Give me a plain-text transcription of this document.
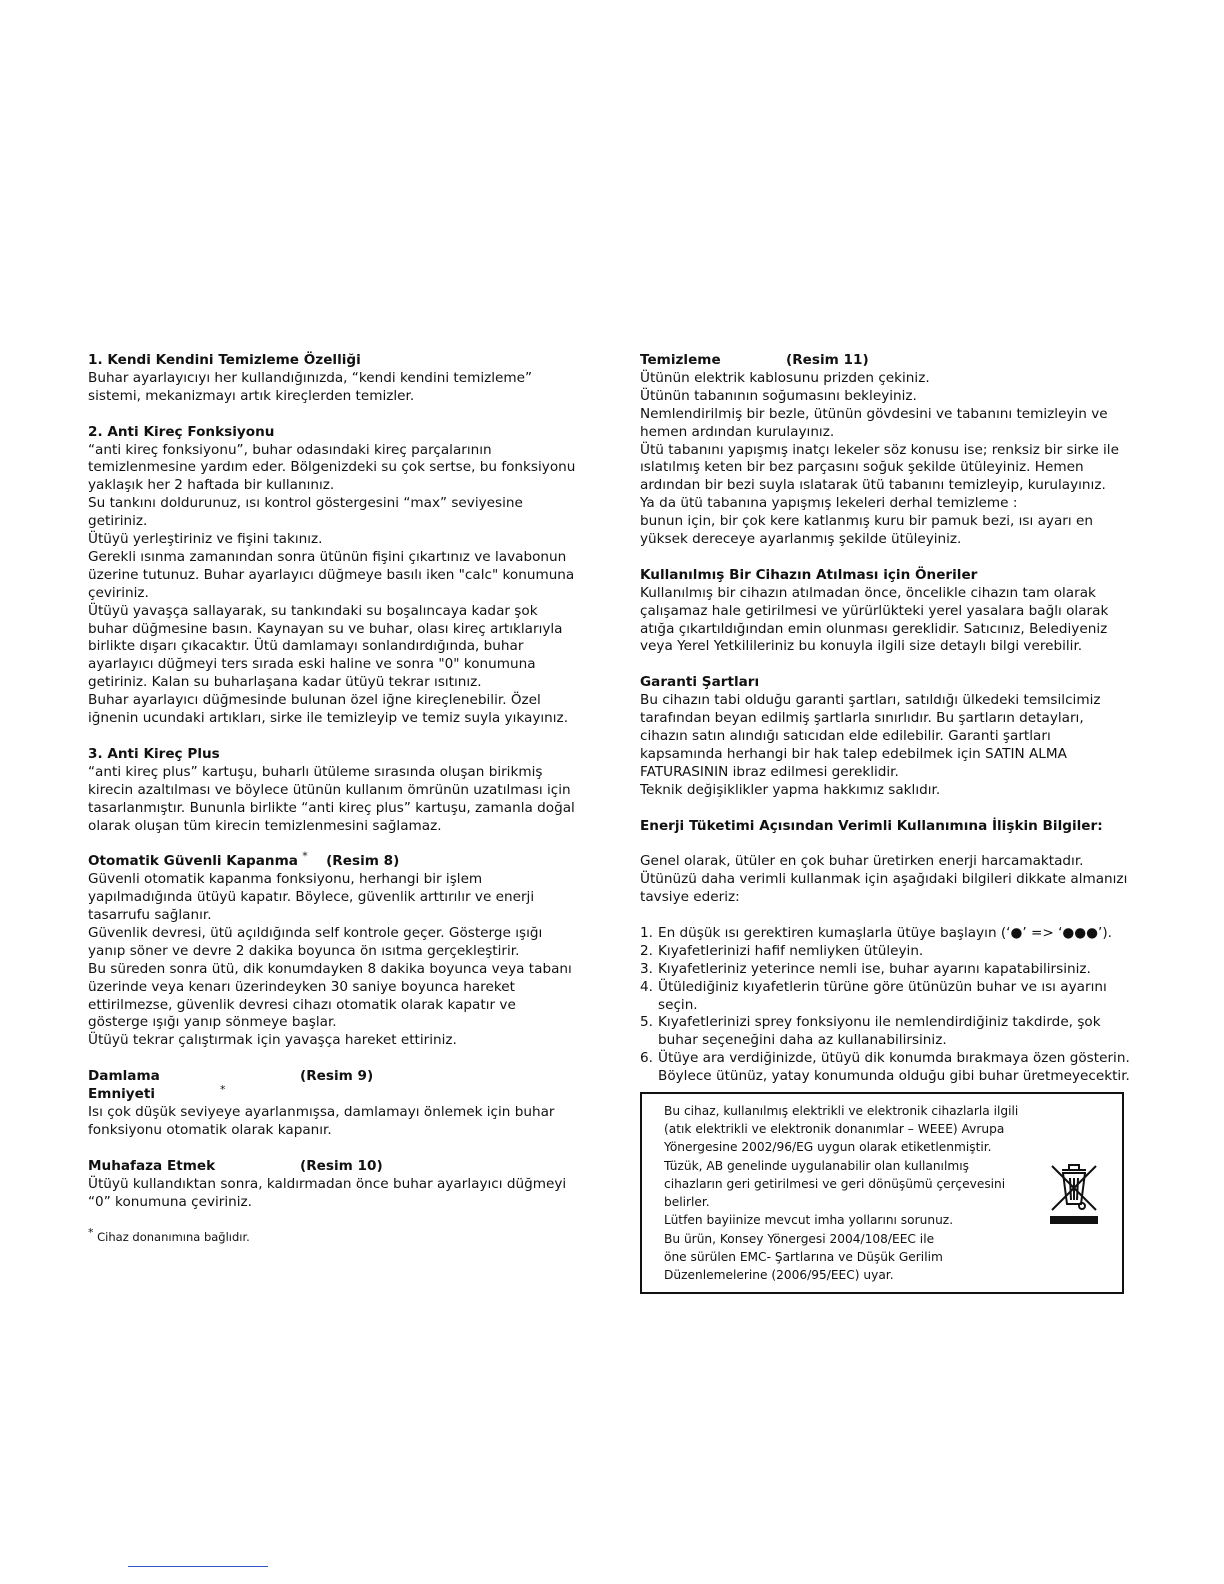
1. Kendi Kendini Temizleme Özelliği

Buhar ayarlayıcıyı her kullandığınızda, “kendi kendini temizleme” sistemi, mekanizmayı artık kireçlerden temizler.

2. Anti Kireç Fonksiyonu

“anti kireç fonksiyonu”, buhar odasındaki kireç parçalarının temizlenmesine yardım eder. Bölgenizdeki su çok sertse, bu fonksiyonu yaklaşık her 2 haftada bir kullanınız.

Su tankını doldurunuz, ısı kontrol göstergesini “max” seviyesine getiriniz.

Ütüyü yerleştiriniz ve fişini takınız.

Gerekli ısınma zamanından sonra ütünün fişini çıkartınız ve lavabonun üzerine tutunuz. Buhar ayarlayıcı düğmeye basılı iken "calc" konumuna çeviriniz.

Ütüyü yavaşça sallayarak, su tankındaki su boşalıncaya kadar şok buhar düğmesine basın. Kaynayan su ve buhar, olası kireç artıklarıyla birlikte dışarı çıkacaktır. Ütü damlamayı sonlandırdığında, buhar ayarlayıcı düğmeyi ters sırada eski haline ve sonra "0" konumuna getiriniz. Kalan su buharlaşana kadar ütüyü tekrar ısıtınız.

Buhar ayarlayıcı düğmesinde bulunan özel iğne kireçlenebilir. Özel iğnenin ucundaki artıkları, sirke ile temizleyip ve temiz suyla yıkayınız.

3. Anti Kireç Plus

“anti kireç plus” kartuşu, buharlı ütüleme sırasında oluşan birikmiş kirecin azaltılması ve böylece ütünün kullanım ömrünün uzatılması için tasarlanmıştır. Bununla birlikte “anti kireç plus” kartuşu, zamanla doğal olarak oluşan tüm kirecin temizlenmesini sağlamaz.

Otomatik Güvenli Kapanma * (Resim 8)

Güvenli otomatik kapanma fonksiyonu, herhangi bir işlem yapılmadığında ütüyü kapatır. Böylece, güvenlik arttırılır ve enerji tasarrufu sağlanır.

Güvenlik devresi, ütü açıldığında self kontrole geçer. Gösterge ışığı yanıp söner ve devre 2 dakika boyunca ön ısıtma gerçekleştirir.

Bu süreden sonra ütü, dik konumdayken 8 dakika boyunca veya tabanı üzerinde veya kenarı üzerindeyken 30 saniye boyunca hareket ettirilmezse, güvenlik devresi cihazı otomatik olarak kapatır ve gösterge ışığı yanıp sönmeye başlar.

Ütüyü tekrar çalıştırmak için yavaşça hareket ettiriniz.

Damlama Emniyeti	*
(Resim 9)

Isı çok düşük seviyeye ayarlanmışsa, damlamayı önlemek için buhar fonksiyonu otomatik olarak kapanır.

Muhafaza Etmek	(Resim 10)

Ütüyü kullandıktan sonra, kaldırmadan önce buhar ayarlayıcı düğmeyi “0” konumuna çeviriniz.

* Cihaz donanımına bağlıdır.
Temizleme	(Resim 11)

Ütünün elektrik kablosunu prizden çekiniz.

Ütünün tabanının soğumasını bekleyiniz.

Nemlendirilmiş bir bezle, ütünün gövdesini ve tabanını temizleyin ve hemen ardından kurulayınız.

Ütü tabanını yapışmış inatçı lekeler söz konusu ise; renksiz bir sirke ile ıslatılmış keten bir bez parçasını soğuk şekilde ütüleyiniz. Hemen ardından bir bezi suyla ıslatarak ütü tabanını temizleyip, kurulayınız.

Ya da ütü tabanına yapışmış lekeleri derhal temizleme :

bunun için, bir çok kere katlanmış kuru bir pamuk bezi, ısı ayarı en yüksek dereceye ayarlanmış şekilde ütüleyiniz.

Kullanılmış Bir Cihazın Atılması için Öneriler

Kullanılmış bir cihazın atılmadan önce, öncelikle cihazın tam olarak çalışamaz hale getirilmesi ve yürürlükteki yerel yasalara bağlı olarak atığa çıkartıldığından emin olunması gereklidir. Satıcınız, Belediyeniz veya Yerel Yetkilileriniz bu konuyla ilgili size detaylı bilgi verebilir.

Garanti Şartları

Bu cihazın tabi olduğu garanti şartları, satıldığı ülkedeki temsilcimiz tarafından beyan edilmiş şartlarla sınırlıdır. Bu şartların detayları, cihazın satın alındığı satıcıdan elde edilebilir. Garanti şartları kapsamında herhangi bir hak talep edebilmek için SATIN ALMA FATURASININ ibraz edilmesi gereklidir.

Teknik değişiklikler yapma hakkımız saklıdır.

Enerji Tüketimi Açısından Verimli Kullanımına İlişkin Bilgiler:

Genel olarak, ütüler en çok buhar üretirken enerji harcamaktadır. Ütünüzü daha verimli kullanmak için aşağıdaki bilgileri dikkate almanızı tavsiye ederiz:

1. En düşük ısı gerektiren kumaşlarla ütüye başlayın (‘●’ => ‘●●●’).
2. Kıyafetlerinizi hafif nemliyken ütüleyin.
3. Kıyafetleriniz yeterince nemli ise, buhar ayarını kapatabilirsiniz.
4. Ütülediğiniz kıyafetlerin türüne göre ütünüzün buhar ve ısı ayarını seçin.
5. Kıyafetlerinizi sprey fonksiyonu ile nemlendirdiğiniz takdirde, şok buhar seçeneğini daha az kullanabilirsiniz.
6. Ütüye ara verdiğinizde, ütüyü dik konumda bırakmaya özen gösterin. Böylece ütünüz, yatay konumunda olduğu gibi buhar üretmeyecektir.
Bu cihaz, kullanılmış elektrikli ve elektronik cihazlarla ilgili (atık elektrikli ve elektronik donanımlar – WEEE) Avrupa Yönergesine 2002/96/EG uygun olarak etiketlenmiştir. Tüzük, AB genelinde uygulanabilir olan kullanılmış cihazların geri getirilmesi ve geri dönüşümü çerçevesini belirler.
Lütfen bayiinize mevcut imha yollarını sorunuz.
Bu ürün, Konsey Yönergesi 2004/108/EEC ile öne sürülen EMC- Şartlarına ve Düşük Gerilim Düzenlemelerine (2006/95/EEC) uyar.
